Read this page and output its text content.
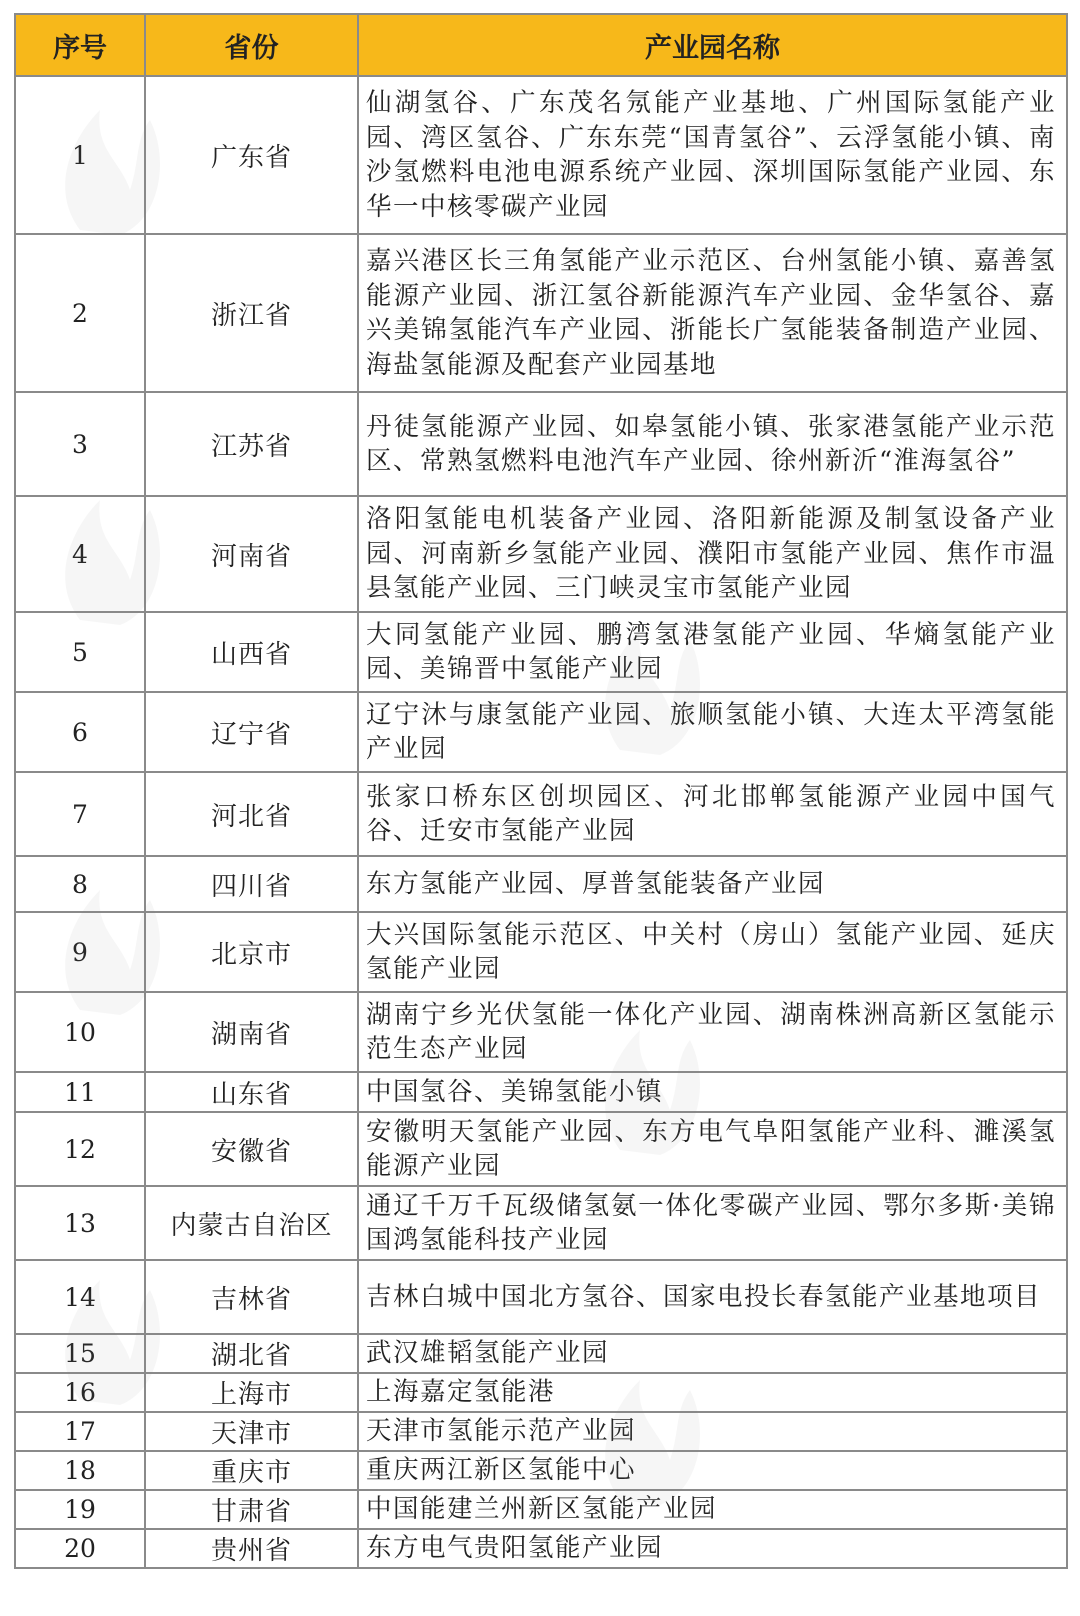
序号	省份	产业园名称
1	广东省	仙湖氢谷、广东茂名氖能产业基地、广州国际氢能产业园、湾区氢谷、广东东莞“国青氢谷”、云浮氢能小镇、南沙氢燃料电池电源系统产业园、深圳国际氢能产业园、东华一中核零碳产业园
2	浙江省	嘉兴港区长三角氢能产业示范区、台州氢能小镇、嘉善氢能源产业园、浙江氢谷新能源汽车产业园、金华氢谷、嘉兴美锦氢能汽车产业园、浙能长广氢能装备制造产业园、海盐氢能源及配套产业园基地
3	江苏省	丹徒氢能源产业园、如皋氢能小镇、张家港氢能产业示范区、常熟氢燃料电池汽车产业园、徐州新沂“淮海氢谷”
4	河南省	洛阳氢能电机装备产业园、洛阳新能源及制氢设备产业园、河南新乡氢能产业园、濮阳市氢能产业园、焦作市温县氢能产业园、三门峡灵宝市氢能产业园
5	山西省	大同氢能产业园、鹏湾氢港氢能产业园、华熵氢能产业园、美锦晋中氢能产业园
6	辽宁省	辽宁沐与康氢能产业园、旅顺氢能小镇、大连太平湾氢能产业园
7	河北省	张家口桥东区创坝园区、河北邯郸氢能源产业园中国气谷、迁安市氢能产业园
8	四川省	东方氢能产业园、厚普氢能装备产业园
9	北京市	大兴国际氢能示范区、中关村（房山）氢能产业园、延庆氢能产业园
10	湖南省	湖南宁乡光伏氢能一体化产业园、湖南株洲高新区氢能示范生态产业园
11	山东省	中国氢谷、美锦氢能小镇
12	安徽省	安徽明天氢能产业园、东方电气阜阳氢能产业科、濉溪氢能源产业园
13	内蒙古自治区	通辽千万千瓦级储氢氨一体化零碳产业园、鄂尔多斯·美锦国鸿氢能科技产业园
14	吉林省	吉林白城中国北方氢谷、国家电投长春氢能产业基地项目
15	湖北省	武汉雄韬氢能产业园
16	上海市	上海嘉定氢能港
17	天津市	天津市氢能示范产业园
18	重庆市	重庆两江新区氢能中心
19	甘肃省	中国能建兰州新区氢能产业园
20	贵州省	东方电气贵阳氢能产业园
